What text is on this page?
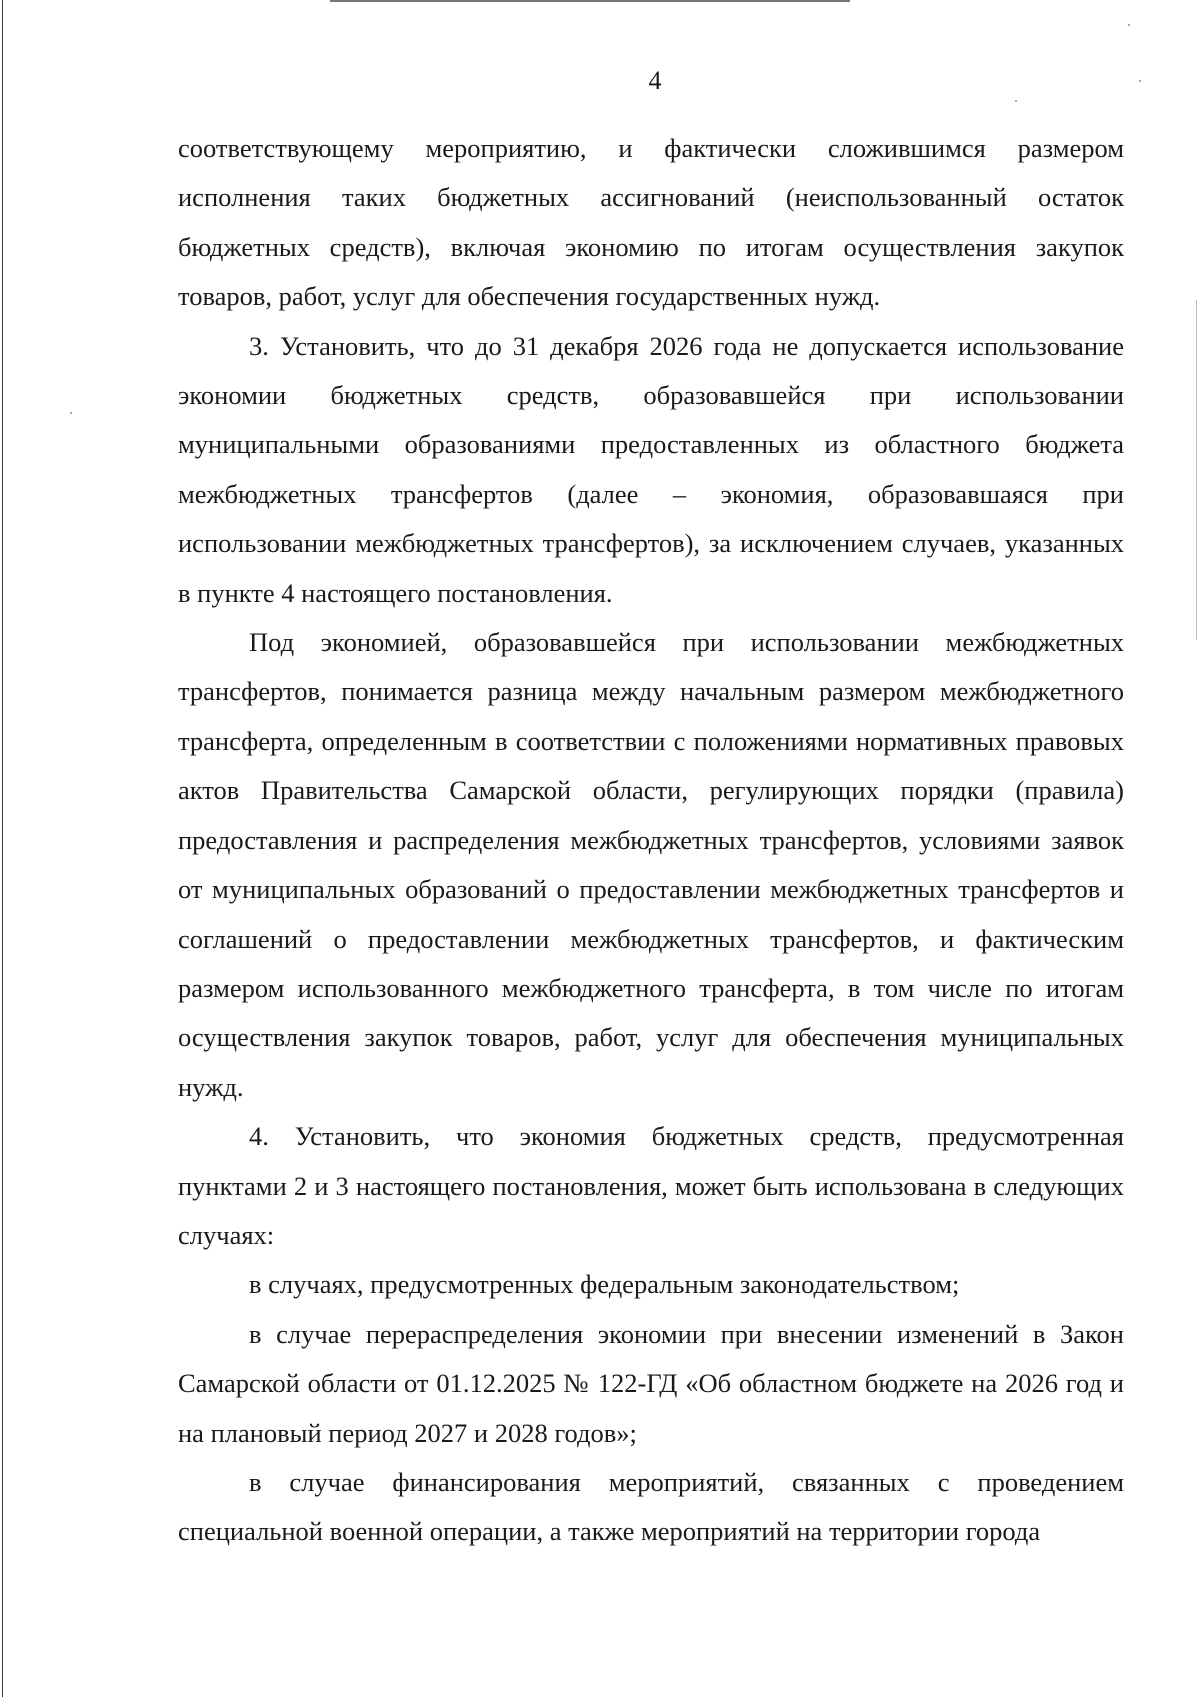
4

соответствующему мероприятию, и фактически сложившимся размером исполнения таких бюджетных ассигнований (неиспользованный остаток бюджетных средств), включая экономию по итогам осуществления закупок товаров, работ, услуг для обеспечения государственных нужд.

3. Установить, что до 31 декабря 2026 года не допускается использование экономии бюджетных средств, образовавшейся при использовании муниципальными образованиями предоставленных из областного бюджета межбюджетных трансфертов (далее – экономия, образовавшаяся при использовании межбюджетных трансфертов), за исключением случаев, указанных в пункте 4 настоящего постановления.

Под экономией, образовавшейся при использовании межбюджетных трансфертов, понимается разница между начальным размером межбюджетного трансферта, определенным в соответствии с положениями нормативных правовых актов Правительства Самарской области, регулирующих порядки (правила) предоставления и распределения межбюджетных трансфертов, условиями заявок от муниципальных образований о предоставлении межбюджетных трансфертов и соглашений о предоставлении межбюджетных трансфертов, и фактическим размером использованного межбюджетного трансферта, в том числе по итогам осуществления закупок товаров, работ, услуг для обеспечения муниципальных нужд.

4. Установить, что экономия бюджетных средств, предусмотренная пунктами 2 и 3 настоящего постановления, может быть использована в следующих случаях:

в случаях, предусмотренных федеральным законодательством;

в случае перераспределения экономии при внесении изменений в Закон Самарской области от 01.12.2025 № 122-ГД «Об областном бюджете на 2026 год и на плановый период 2027 и 2028 годов»;

в случае финансирования мероприятий, связанных с проведением специальной военной операции, а также мероприятий на территории города
